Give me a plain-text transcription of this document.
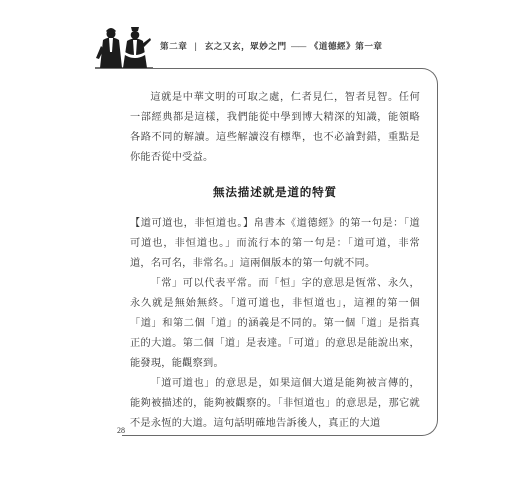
第二章 | 玄之又玄，眾妙之門 —— 《道德經》第一章

這就是中華文明的可取之處，仁者見仁，智者見智。任何一部經典都是這樣，我們能從中學到博大精深的知識，能領略各路不同的解讀。這些解讀沒有標準，也不必論對錯，重點是你能否從中受益。

無法描述就是道的特質

【道可道也，非恒道也。】帛書本《道德經》的第一句是：「道可道也，非恒道也。」而流行本的第一句是：「道可道，非常道，名可名，非常名。」這兩個版本的第一句就不同。

「常」可以代表平常。而「恒」字的意思是恆常、永久，永久就是無始無終。「道可道也，非恒道也」，這裡的第一個「道」和第二個「道」的涵義是不同的。第一個「道」是指真正的大道。第二個「道」是表達。「可道」的意思是能說出來，能發現，能觀察到。

「道可道也」的意思是，如果這個大道是能夠被言傳的，能夠被描述的，能夠被觀察的。「非恒道也」的意思是，那它就不是永恆的大道。這句話明確地告訴後人，真正的大道

28
